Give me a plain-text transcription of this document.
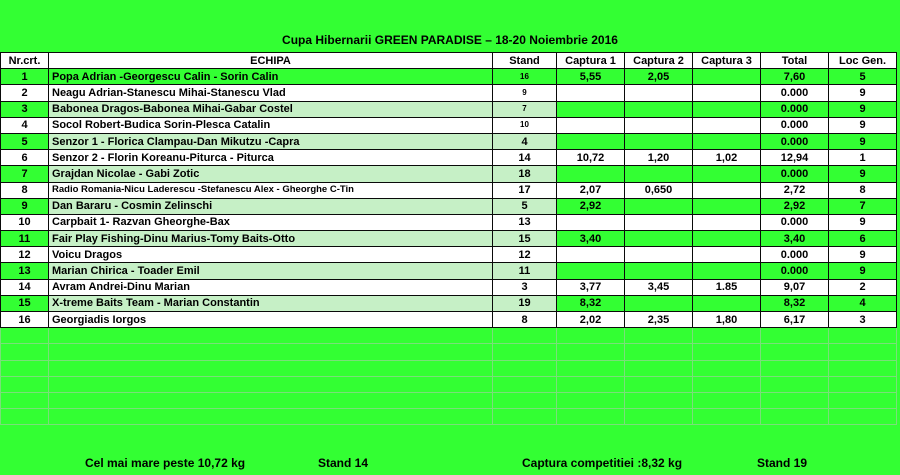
Cupa Hibernarii GREEN PARADISE – 18-20 Noiembrie 2016
Nr.crt.	ECHIPA	Stand	Captura 1	Captura 2	Captura 3	Total	Loc Gen.
1	Popa Adrian -Georgescu Calin - Sorin Calin	16	5,55	2,05		7,60	5
2	Neagu Adrian-Stanescu Mihai-Stanescu Vlad	9				0.000	9
3	Babonea Dragos-Babonea Mihai-Gabar Costel	7				0.000	9
4	Socol Robert-Budica Sorin-Plesca Catalin	10				0.000	9
5	Senzor 1 - Florica Clampau-Dan Mikutzu -Capra	4				0.000	9
6	Senzor 2 - Florin Koreanu-Piturca - Piturca	14	10,72	1,20	1,02	12,94	1
7	Grajdan Nicolae - Gabi Zotic	18				0.000	9
8	Radio Romania-Nicu Laderescu -Stefanescu Alex - Gheorghe C-Tin	17	2,07	0,650		2,72	8
9	Dan Bararu - Cosmin Zelinschi	5	2,92			2,92	7
10	Carpbait 1- Razvan Gheorghe-Bax	13				0.000	9
11	Fair Play Fishing-Dinu Marius-Tomy Baits-Otto	15	3,40			3,40	6
12	Voicu Dragos	12				0.000	9
13	Marian Chirica - Toader Emil	11				0.000	9
14	Avram Andrei-Dinu Marian	3	3,77	3,45	1.85	9,07	2
15	X-treme Baits Team - Marian Constantin	19	8,32			8,32	4
16	Georgiadis Iorgos	8	2,02	2,35	1,80	6,17	3

Cel mai mare peste 10,72 kg	Stand 14	Captura competitiei :8,32 kg	Stand 19
